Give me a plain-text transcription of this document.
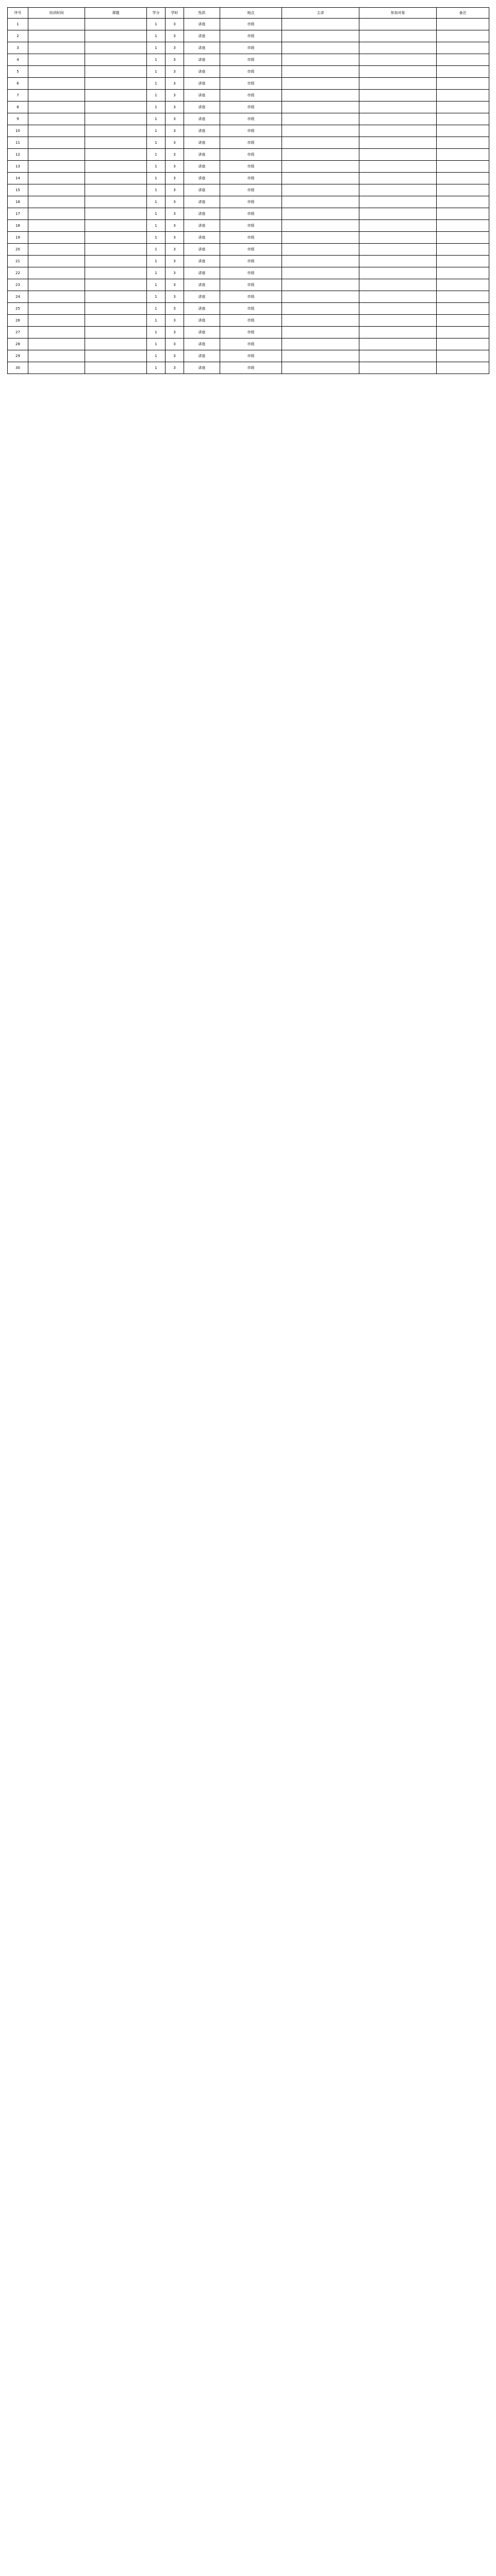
序号	培训时间	课题	学分	学时	性质	地点	主讲	参加对象	备注
1			1	3	讲座	市级			
2			1	3	讲座	市级			
3			1	3	讲座	市级			
4			1	3	讲座	市级			
5			1	3	讲座	市级			
6			1	3	讲座	市级			
7			1	3	讲座	市级			
8			1	3	讲座	市级			
9			1	3	讲座	市级			
10			1	3	讲座	市级			
11			1	3	讲座	市级			
12			1	3	讲座	市级			
13			1	3	讲座	市级			
14			1	3	讲座	市级			
15			1	3	讲座	市级			
16			1	3	讲座	市级			
17			1	3	讲座	市级			
18			1	3	讲座	市级			
19			1	3	讲座	市级			
20			1	3	讲座	市级			
21			1	3	讲座	市级			
22			1	3	讲座	市级			
23			1	3	讲座	市级			
24			1	3	讲座	市级			
25			1	3	讲座	市级			
26			1	3	讲座	市级			
27			1	3	讲座	市级			
28			1	3	讲座	市级			
29			1	3	讲座	市级			
30			1	3	讲座	市级			
